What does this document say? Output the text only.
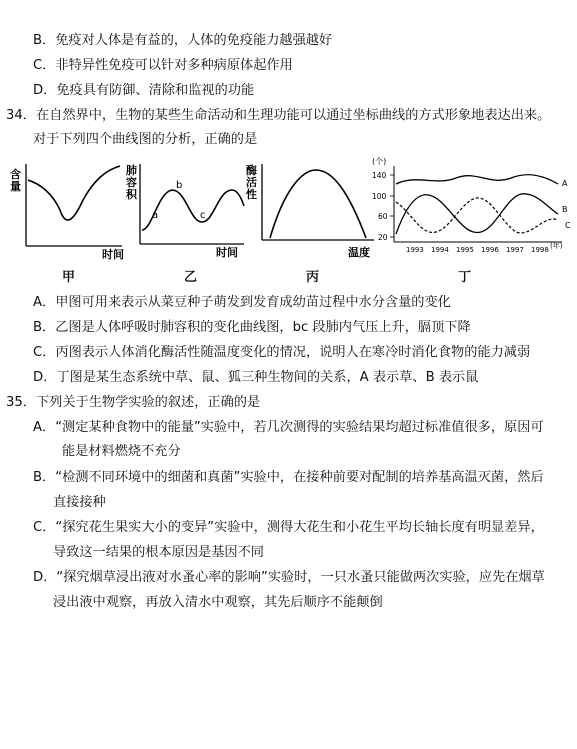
B．免疫对人体是有益的，人体的免疫能力越强越好
C．非特异性免疫可以针对多种病原体起作用
D．免疫具有防御、清除和监视的功能
34．在自然界中，生物的某些生命活动和生理功能可以通过坐标曲线的方式形象地表达出来。
对于下列四个曲线图的分析，正确的是
含
量
时间
甲
肺
容
积
a
b
c
时间
乙
酶
活
性
温度
丙
(个)
140
100
60
20
1993 1994 1995 1996 1997 1998 (年)
A
B
C
丁
A．甲图可用来表示从菜豆种子萌发到发育成幼苗过程中水分含量的变化
B．乙图是人体呼吸时肺容积的变化曲线图，bc 段肺内气压上升，膈顶下降
C．丙图表示人体消化酶活性随温度变化的情况，说明人在寒冷时消化食物的能力减弱
D．丁图是某生态系统中草、鼠、狐三种生物间的关系，A 表示草、B 表示鼠
35．下列关于生物学实验的叙述，正确的是
A．“测定某种食物中的能量”实验中，若几次测得的实验结果均超过标准值很多，原因可
能是材料燃烧不充分
B．“检测不同环境中的细菌和真菌”实验中，在接种前要对配制的培养基高温灭菌，然后
直接接种
C．“探究花生果实大小的变异”实验中，测得大花生和小花生平均长轴长度有明显差异，
导致这一结果的根本原因是基因不同
D．“探究烟草浸出液对水蚤心率的影响”实验时，一只水蚤只能做两次实验，应先在烟草
浸出液中观察，再放入清水中观察，其先后顺序不能颠倒
